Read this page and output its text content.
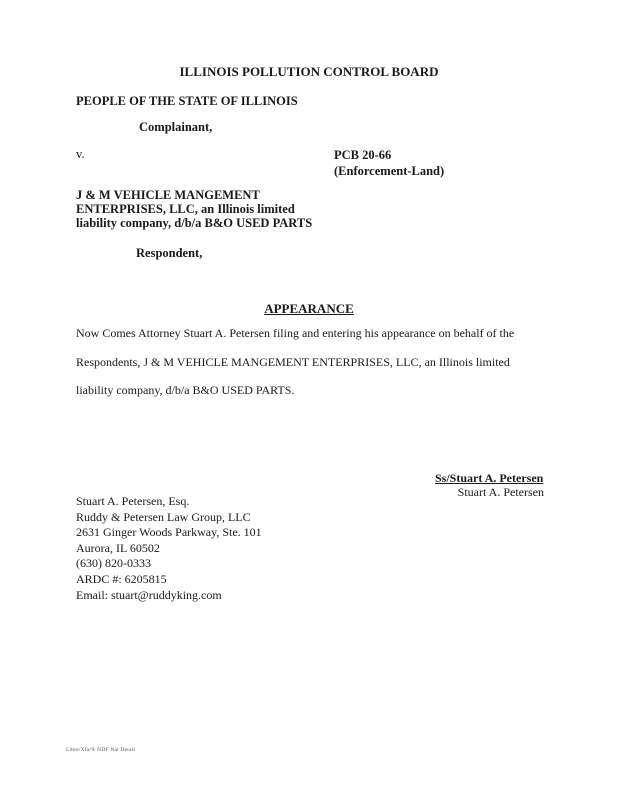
ILLINOIS POLLUTION CONTROL BOARD
PEOPLE OF THE STATE OF ILLINOIS
Complainant,
v.	PCB 20-66
(Enforcement-Land)
J & M VEHICLE MANGEMENT
ENTERPRISES, LLC, an Illinois limited
liability company, d/b/a B&O USED PARTS
Respondent,
APPEARANCE
Now Comes Attorney Stuart A. Petersen filing and entering his appearance on behalf of the
Respondents, J & M VEHICLE MANGEMENT ENTERPRISES, LLC, an Illinois limited
liability company, d/b/a B&O USED PARTS.
Ss/Stuart A. Petersen
Stuart A. Petersen
Stuart A. Petersen, Esq.
Ruddy & Petersen Law Group, LLC
2631 Ginger Woods Parkway, Ste. 101
Aurora, IL 60502
(630) 820-0333
ARDC #: 6205815
Email: stuart@ruddyking.com
Libre/Xfa/® NDF Nat Detail
